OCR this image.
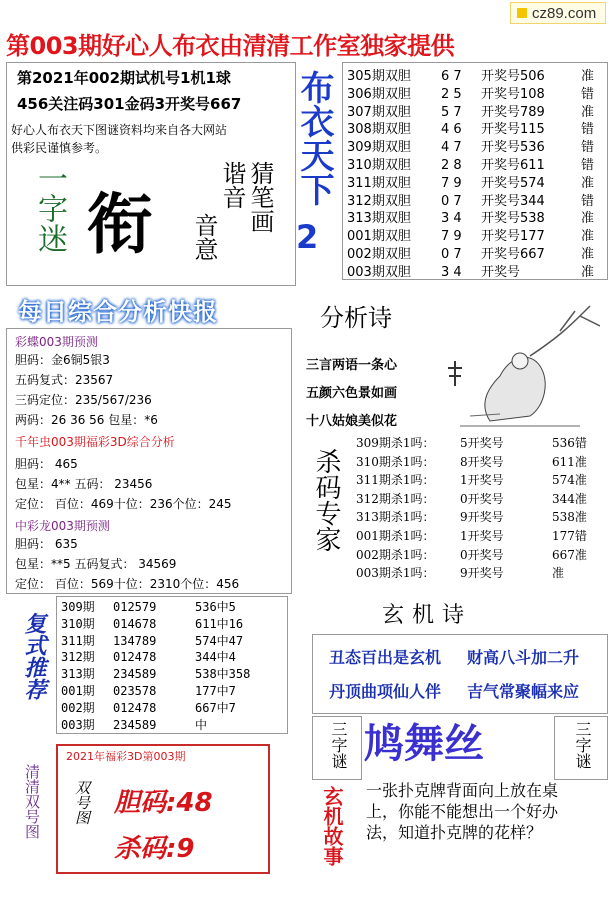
cz89.com
第003期好心人布衣由清清工作室独家提供
第2021年002期试机号1机1球
456关注码301金码3开奖号667
好心人布衣天下图谜资料均来自各大网站
供彩民谨慎参考。
一字迷 衔	猜笔画
谐音
音意
布衣天下
2
305期双胆 6 7 开奖号506	准
306期双胆 2 5 开奖号108	错
307期双胆 5 7 开奖号789	准
308期双胆 4 6 开奖号115	错
309期双胆 4 7 开奖号536	错
310期双胆 2 8 开奖号611	错
311期双胆 7 9 开奖号574	准
312期双胆 0 7 开奖号344	错
313期双胆 3 4 开奖号538	准
001期双胆 7 9 开奖号177	准
002期双胆 0 7 开奖号667	准
003期双胆 3 4 开奖号	准
每日综合分析快报
彩蝶003期预测
胆码：金6铜5银3
五码复式：23567
三码定位：235/567/236
两码：26 36 56 包星：*6
千年虫003期福彩3D综合分析
胆码： 465
包星：4** 五码： 23456
定位： 百位：469十位：236个位：245
中彩龙003期预测
胆码： 635
包星：**5 五码复式： 34569
定位： 百位：569十位：2310个位：456
分析诗
三言两语一条心
五颜六色景如画
十八姑娘美似花
杀码专家
309期杀1吗： 5开奖号	536错
310期杀1吗： 8开奖号	611准
311期杀1吗： 1开奖号	574准
312期杀1吗： 0开奖号	344准
313期杀1吗： 9开奖号	538准
001期杀1吗： 1开奖号	177错
002期杀1吗： 0开奖号	667准
003期杀1吗： 9开奖号	准
复式推荐
309期 012579	536中5
310期 014678	611中16
311期 134789	574中47
312期 012478	344中4
313期 234589	538中358
001期 023578	177中7
002期 012478	667中7
003期 234589	中
玄机诗
丑态百出是玄机 财高八斗加二升
丹顶曲项仙人伴 吉气常聚幅来应
清清双号图
2021年福彩3D第003期
双号图 胆码:48
杀码:9
三字谜	三字谜
鸠舞丝
玄机故事 一张扑克牌背面向上放在桌上，你能不能想出一个好办法，知道扑克牌的花样？
